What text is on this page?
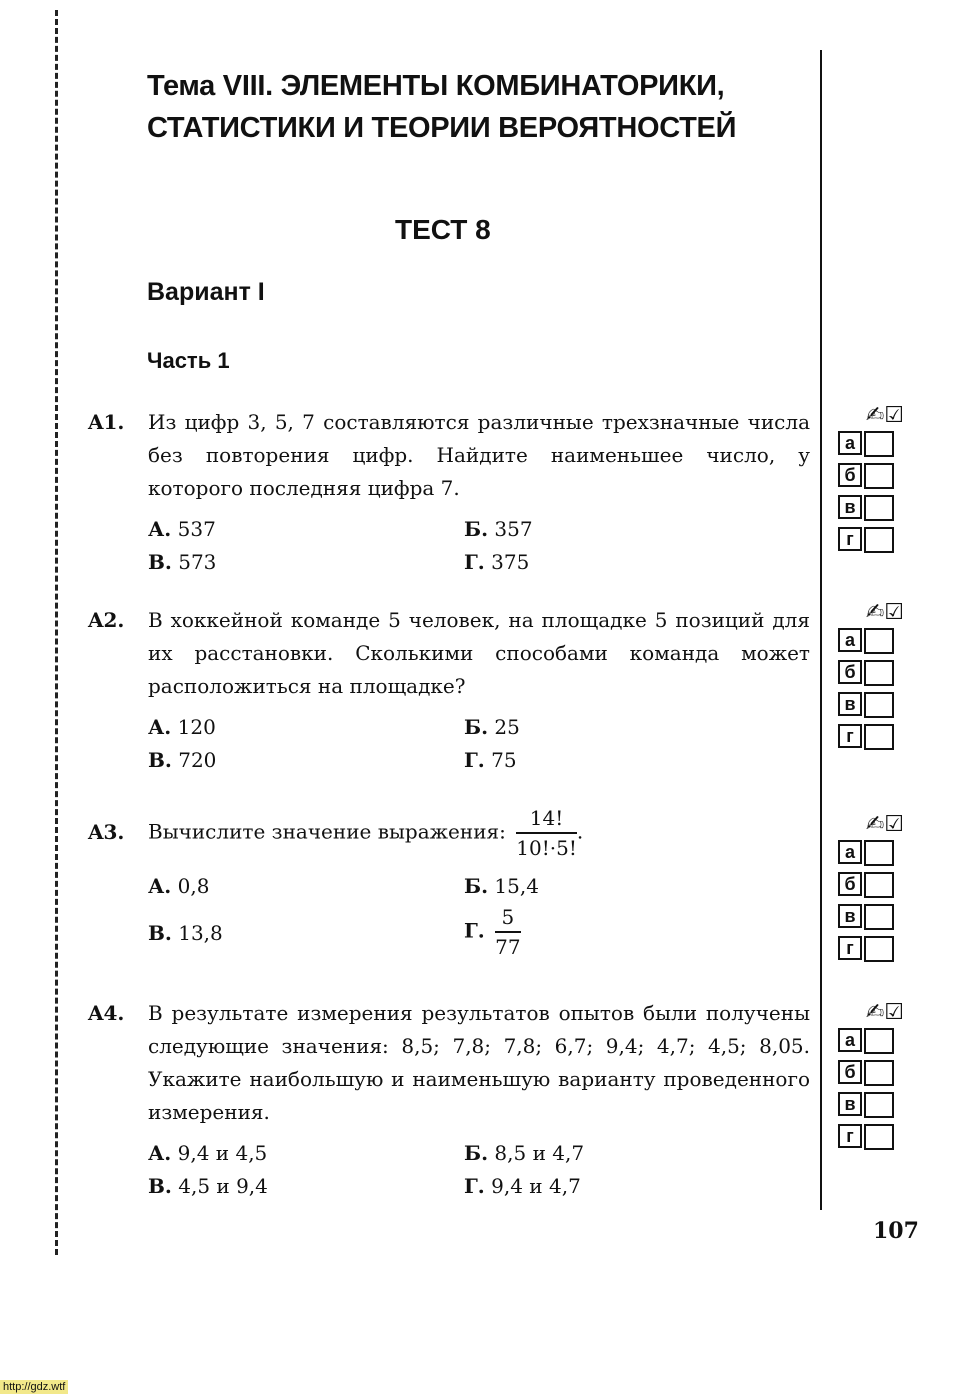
Тема VIII. ЭЛЕМЕНТЫ КОМБИНАТОРИКИ,
СТАТИСТИКИ И ТЕОРИИ ВЕРОЯТНОСТЕЙ
ТЕСТ 8
Вариант I
Часть 1
A1. Из цифр 3, 5, 7 составляются различные трехзначные числа без повторения цифр. Найдите наименьшее число, у которого последняя цифра 7.
А. 537	Б. 357
В. 573	Г. 375
A2. В хоккейной команде 5 человек, на площадке 5 позиций для их расстановки. Сколькими способами команда может расположиться на площадке?
А. 120	Б. 25
В. 720	Г. 75
A3. Вычислите значение выражения: $\frac{14!}{10!\cdot 5!}$ .
А. 0,8	Б. 15,4
В. 13,8	Г. $\frac{5}{77}$
A4. В результате измерения результатов опытов были получены следующие значения: 8,5; 7,8; 7,8; 6,7; 9,4; 4,7; 4,5; 8,05. Укажите наибольшую и наименьшую варианту проведенного измерения.
А. 9,4 и 4,5	Б. 8,5 и 4,7
В. 4,5 и 9,4	Г. 9,4 и 4,7
✍☑
а
б
в
г
✍☑
а
б
в
г
✍☑
а
б
в
г
✍☑
а
б
в
г
107
http://gdz.wtf
